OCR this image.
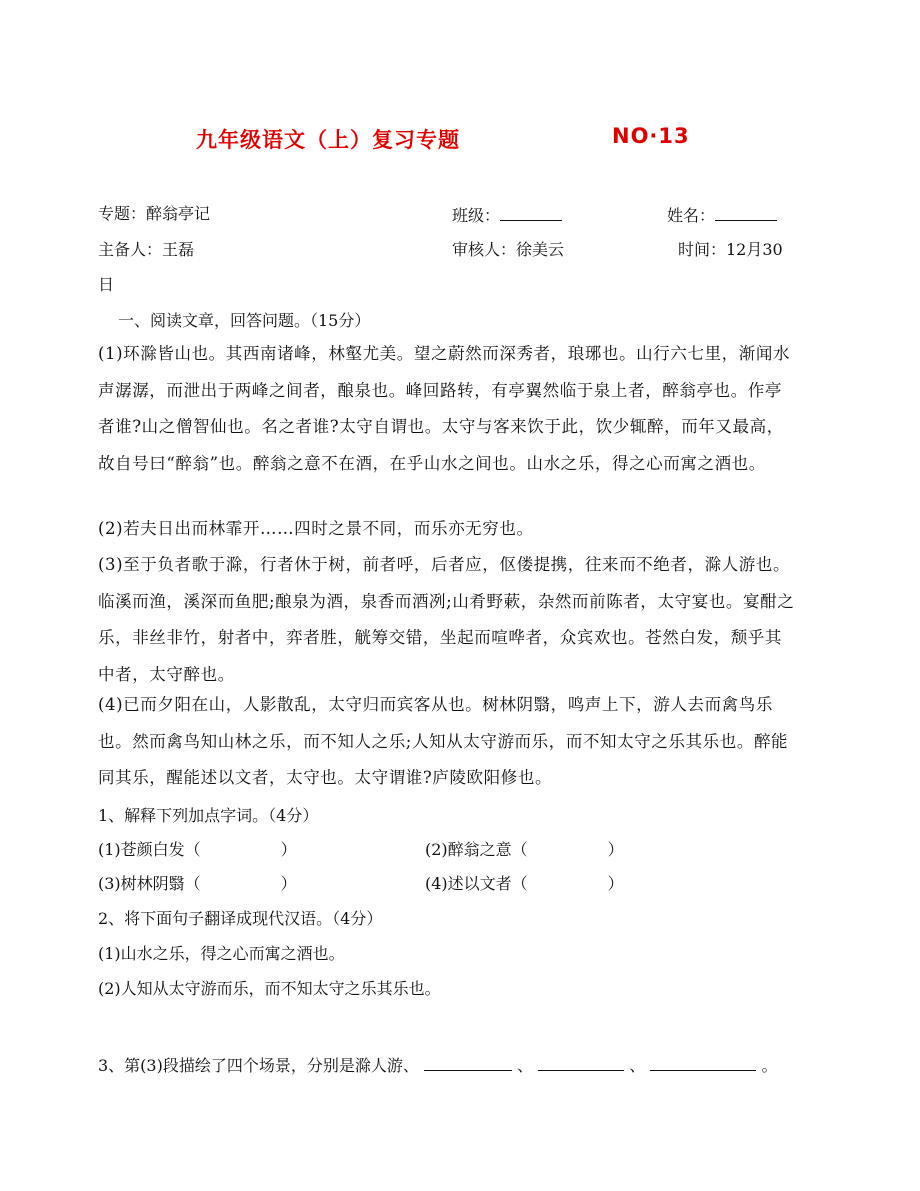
九年级语文（上）复习专题	NO·13
专题：醉翁亭记	班级：	姓名：
主备人：王磊	审核人：徐美云	时间：12月30
日
一、阅读文章，回答问题。（15分）
(1)环滁皆山也。其西南诸峰，林壑尤美。望之蔚然而深秀者，琅琊也。山行六七里，渐闻水声潺潺，而泄出于两峰之间者，酿泉也。峰回路转，有亭翼然临于泉上者，醉翁亭也。作亭者谁?山之僧智仙也。名之者谁?太守自谓也。太守与客来饮于此，饮少辄醉，而年又最高，故自号曰“醉翁”也。醉翁之意不在酒，在乎山水之间也。山水之乐，得之心而寓之酒也。
(2)若夫日出而林霏开……四时之景不同，而乐亦无穷也。
(3)至于负者歌于滁，行者休于树，前者呼，后者应，伛偻提携，往来而不绝者，滁人游也。临溪而渔，溪深而鱼肥;酿泉为酒，泉香而酒冽;山肴野蔌，杂然而前陈者，太守宴也。宴酣之乐，非丝非竹，射者中，弈者胜，觥筹交错，坐起而喧哗者，众宾欢也。苍然白发，颓乎其中者，太守醉也。
(4)已而夕阳在山，人影散乱，太守归而宾客从也。树林阴翳，鸣声上下，游人去而禽鸟乐也。然而禽鸟知山林之乐，而不知人之乐;人知从太守游而乐，而不知太守之乐其乐也。醉能同其乐，醒能述以文者，太守也。太守谓谁?庐陵欧阳修也。
1、解释下列加点字词。（4分）
(1)苍颜白发（　　　　　）	(2)醉翁之意（　　　　　）
(3)树林阴翳（　　　　　）	(4)述以文者（　　　　　）
2、将下面句子翻译成现代汉语。（4分）
(1)山水之乐，得之心而寓之酒也。
(2)人知从太守游而乐，而不知太守之乐其乐也。
3、第(3)段描绘了四个场景，分别是滁人游、	、	、	。
